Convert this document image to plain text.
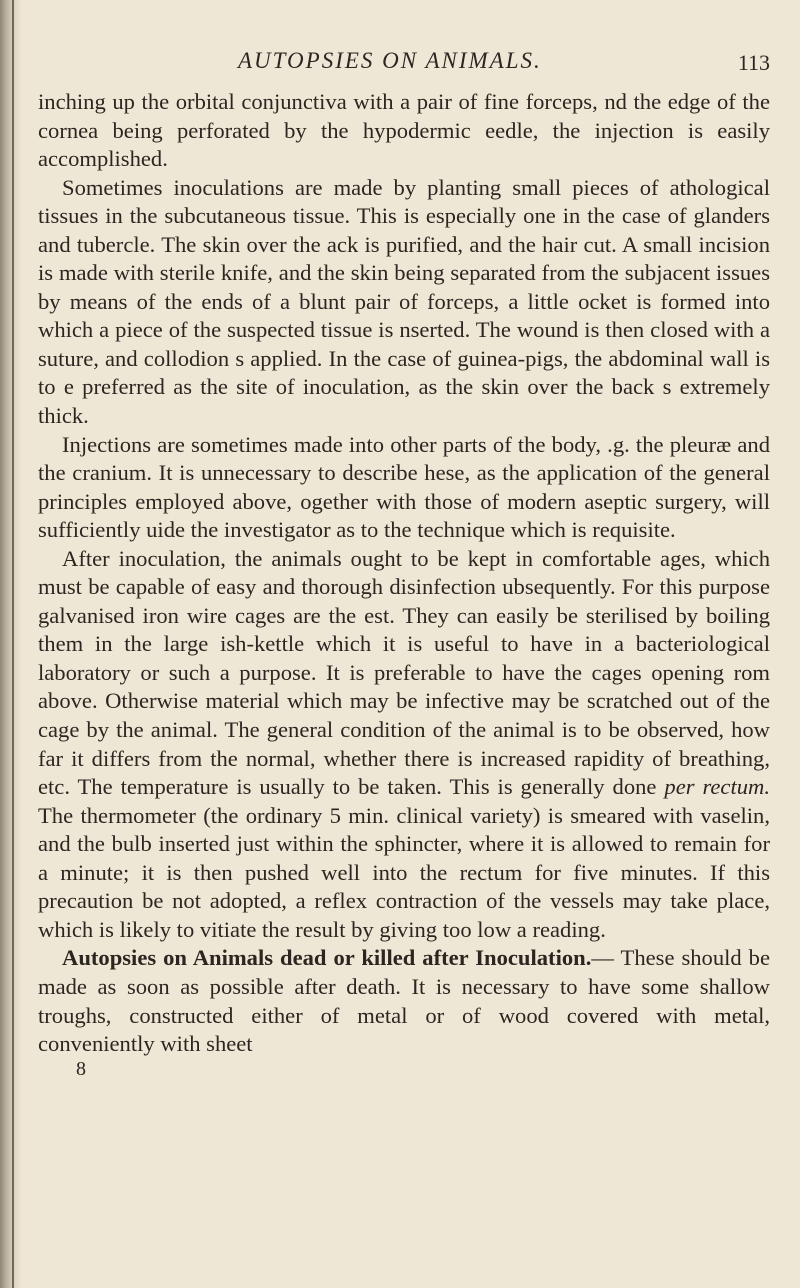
AUTOPSIES ON ANIMALS.	113

inching up the orbital conjunctiva with a pair of fine forceps, nd the edge of the cornea being perforated by the hypodermic eedle, the injection is easily accomplished.

Sometimes inoculations are made by planting small pieces of athological tissues in the subcutaneous tissue. This is especially one in the case of glanders and tubercle. The skin over the ack is purified, and the hair cut. A small incision is made with sterile knife, and the skin being separated from the subjacent issues by means of the ends of a blunt pair of forceps, a little ocket is formed into which a piece of the suspected tissue is nserted. The wound is then closed with a suture, and collodion s applied. In the case of guinea-pigs, the abdominal wall is to e preferred as the site of inoculation, as the skin over the back s extremely thick.

Injections are sometimes made into other parts of the body, .g. the pleuræ and the cranium. It is unnecessary to describe hese, as the application of the general principles employed above, ogether with those of modern aseptic surgery, will sufficiently uide the investigator as to the technique which is requisite.

After inoculation, the animals ought to be kept in comfortable ages, which must be capable of easy and thorough disinfection ubsequently. For this purpose galvanised iron wire cages are the est. They can easily be sterilised by boiling them in the large ish-kettle which it is useful to have in a bacteriological laboratory or such a purpose. It is preferable to have the cages opening rom above. Otherwise material which may be infective may be scratched out of the cage by the animal. The general condition of the animal is to be observed, how far it differs from the normal, whether there is increased rapidity of breathing, etc. The temperature is usually to be taken. This is generally done per rectum. The thermometer (the ordinary 5 min. clinical variety) is smeared with vaselin, and the bulb inserted just within the sphincter, where it is allowed to remain for a minute; it is then pushed well into the rectum for five minutes. If this precaution be not adopted, a reflex contraction of the vessels may take place, which is likely to vitiate the result by giving too low a reading.

Autopsies on Animals dead or killed after Inoculation.— These should be made as soon as possible after death. It is necessary to have some shallow troughs, constructed either of metal or of wood covered with metal, conveniently with sheet

8
